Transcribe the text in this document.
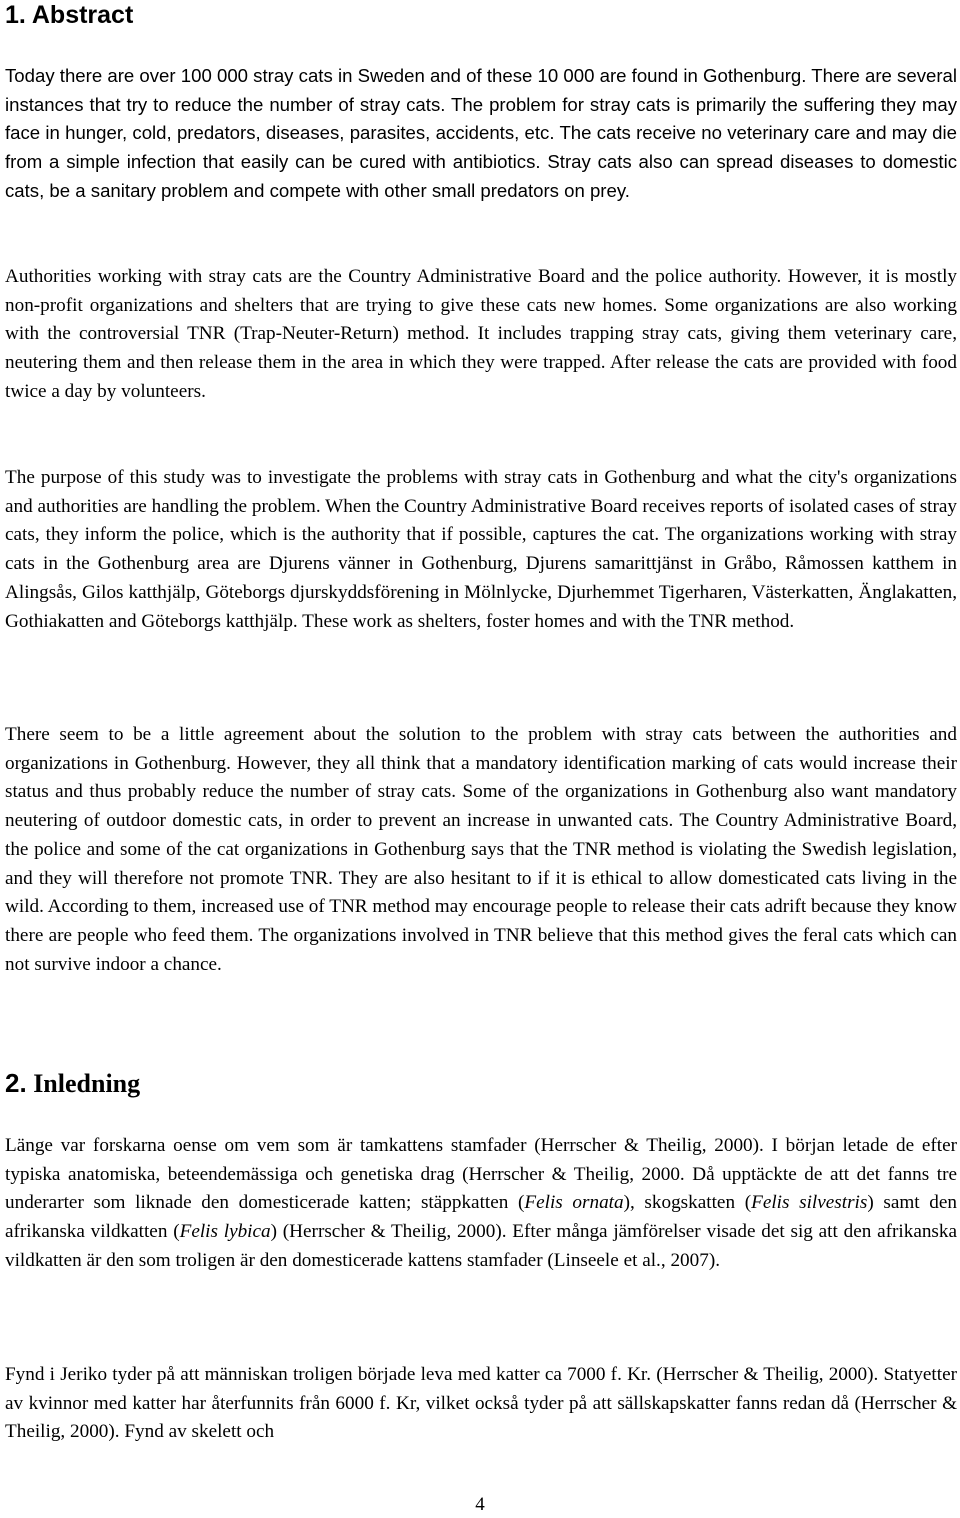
1. Abstract

Today there are over 100 000 stray cats in Sweden and of these 10 000 are found in Gothenburg. There are several instances that try to reduce the number of stray cats. The problem for stray cats is primarily the suffering they may face in hunger, cold, predators, diseases, parasites, accidents, etc. The cats receive no veterinary care and may die from a simple infection that easily can be cured with antibiotics. Stray cats also can spread diseases to domestic cats, be a sanitary problem and compete with other small predators on prey.

Authorities working with stray cats are the Country Administrative Board and the police authority. However, it is mostly non-profit organizations and shelters that are trying to give these cats new homes. Some organizations are also working with the controversial TNR (Trap-Neuter-Return) method. It includes trapping stray cats, giving them veterinary care, neutering them and then release them in the area in which they were trapped. After release the cats are provided with food twice a day by volunteers.

The purpose of this study was to investigate the problems with stray cats in Gothenburg and what the city's organizations and authorities are handling the problem. When the Country Administrative Board receives reports of isolated cases of stray cats, they inform the police, which is the authority that if possible, captures the cat. The organizations working with stray cats in the Gothenburg area are Djurens vänner in Gothenburg, Djurens samarittjänst in Gråbo, Råmossen katthem in Alingsås, Gilos katthjälp, Göteborgs djurskyddsförening in Mölnlycke, Djurhemmet Tigerharen, Västerkatten, Änglakatten, Gothiakatten and Göteborgs katthjälp. These work as shelters, foster homes and with the TNR method.

There seem to be a little agreement about the solution to the problem with stray cats between the authorities and organizations in Gothenburg. However, they all think that a mandatory identification marking of cats would increase their status and thus probably reduce the number of stray cats. Some of the organizations in Gothenburg also want mandatory neutering of outdoor domestic cats, in order to prevent an increase in unwanted cats. The Country Administrative Board, the police and some of the cat organizations in Gothenburg says that the TNR method is violating the Swedish legislation, and they will therefore not promote TNR. They are also hesitant to if it is ethical to allow domesticated cats living in the wild. According to them, increased use of TNR method may encourage people to release their cats adrift because they know there are people who feed them. The organizations involved in TNR believe that this method gives the feral cats which can not survive indoor a chance.

2. Inledning

Länge var forskarna oense om vem som är tamkattens stamfader (Herrscher & Theilig, 2000). I början letade de efter typiska anatomiska, beteendemässiga och genetiska drag (Herrscher & Theilig, 2000. Då upptäckte de att det fanns tre underarter som liknade den domesticerade katten; stäppkatten (Felis ornata), skogskatten (Felis silvestris) samt den afrikanska vildkatten (Felis lybica) (Herrscher & Theilig, 2000). Efter många jämförelser visade det sig att den afrikanska vildkatten är den som troligen är den domesticerade kattens stamfader (Linseele et al., 2007).

Fynd i Jeriko tyder på att människan troligen började leva med katter ca 7000 f. Kr. (Herrscher & Theilig, 2000). Statyetter av kvinnor med katter har återfunnits från 6000 f. Kr, vilket också tyder på att sällskapskatter fanns redan då (Herrscher & Theilig, 2000). Fynd av skelett och

4
